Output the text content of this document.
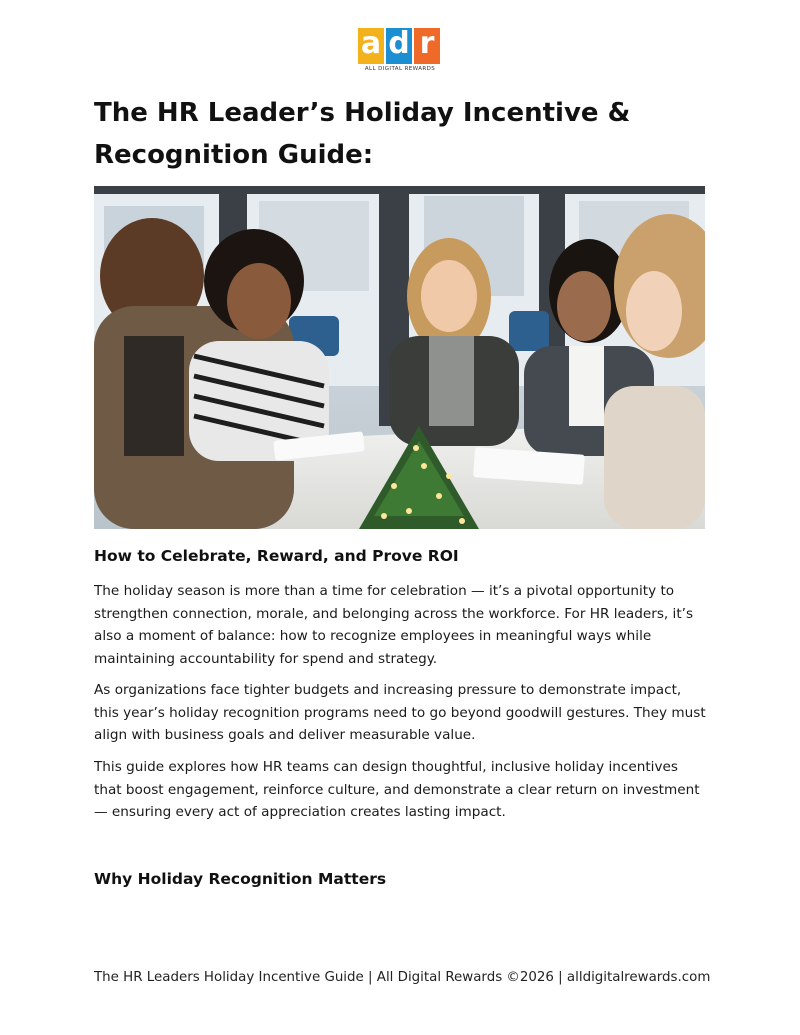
a d r
ALL DIGITAL REWARDS
The HR Leader’s Holiday Incentive & Recognition Guide:
How to Celebrate, Reward, and Prove ROI

The holiday season is more than a time for celebration — it’s a pivotal opportunity to strengthen connection, morale, and belonging across the workforce. For HR leaders, it’s also a moment of balance: how to recognize employees in meaningful ways while maintaining accountability for spend and strategy.

As organizations face tighter budgets and increasing pressure to demonstrate impact, this year’s holiday recognition programs need to go beyond goodwill gestures. They must align with business goals and deliver measurable value.

This guide explores how HR teams can design thoughtful, inclusive holiday incentives that boost engagement, reinforce culture, and demonstrate a clear return on investment — ensuring every act of appreciation creates lasting impact.

Why Holiday Recognition Matters
The HR Leaders Holiday Incentive Guide | All Digital Rewards ©2026 | alldigitalrewards.com
